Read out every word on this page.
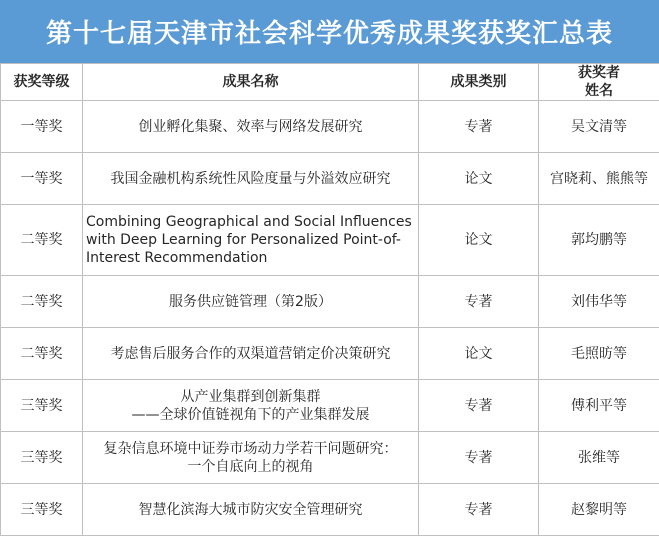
第十七届天津市社会科学优秀成果奖获奖汇总表
获奖等级	成果名称	成果类别	获奖者
姓名

一等奖	创业孵化集聚、效率与网络发展研究	专著	吴文清等
一等奖	我国金融机构系统性风险度量与外溢效应研究	论文	宫晓莉、熊熊等
二等奖	Combining Geographical and Social Influences
with Deep Learning for Personalized Point-of-
Interest Recommendation	论文	郭均鹏等
二等奖	服务供应链管理（第2版）	专著	刘伟华等
二等奖	考虑售后服务合作的双渠道营销定价决策研究	论文	毛照昉等
三等奖	从产业集群到创新集群
——全球价值链视角下的产业集群发展	专著	傅利平等
三等奖	复杂信息环境中证券市场动力学若干问题研究：
一个自底向上的视角	专著	张维等
三等奖	智慧化滨海大城市防灾安全管理研究	专著	赵黎明等
